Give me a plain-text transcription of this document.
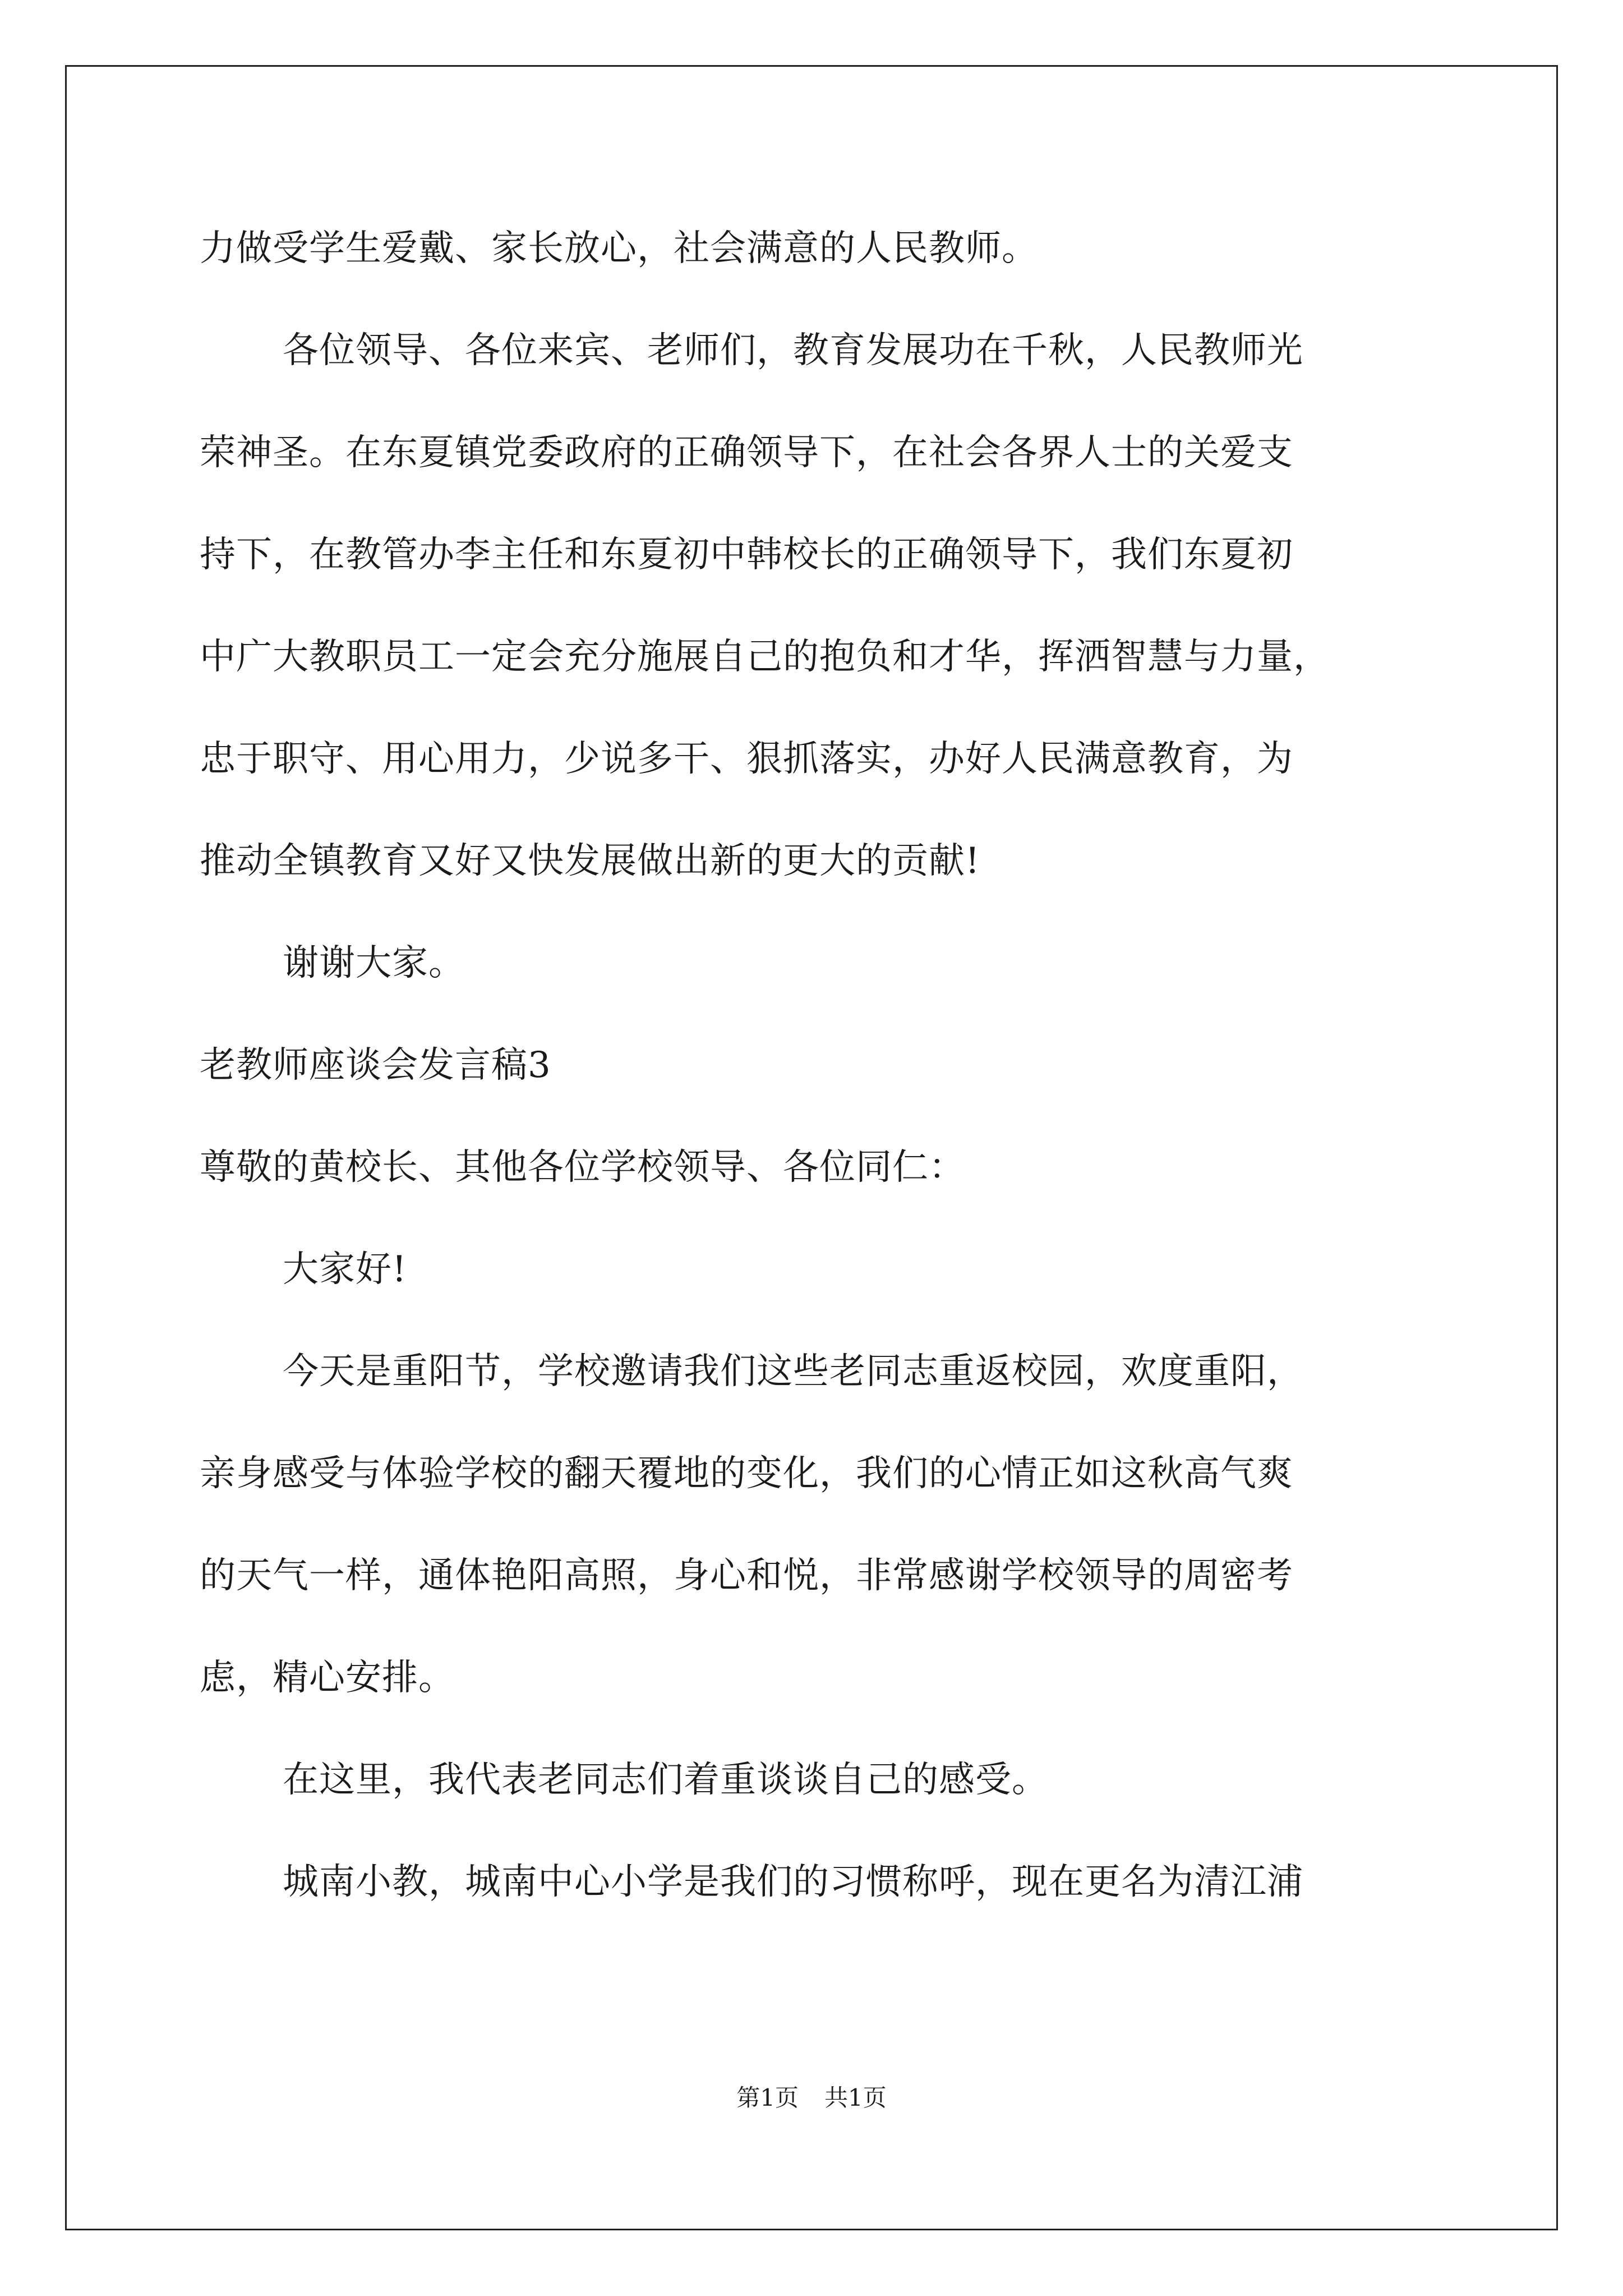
力做受学生爱戴、家长放心，社会满意的人民教师。
各位领导、各位来宾、老师们，教育发展功在千秋，人民教师光
荣神圣。在东夏镇党委政府的正确领导下，在社会各界人士的关爱支
持下，在教管办李主任和东夏初中韩校长的正确领导下，我们东夏初
中广大教职员工一定会充分施展自己的抱负和才华，挥洒智慧与力量，
忠于职守、用心用力，少说多干、狠抓落实，办好人民满意教育，为
推动全镇教育又好又快发展做出新的更大的贡献!
谢谢大家。
老教师座谈会发言稿3
尊敬的黄校长、其他各位学校领导、各位同仁：
大家好!
今天是重阳节，学校邀请我们这些老同志重返校园，欢度重阳，
亲身感受与体验学校的翻天覆地的变化，我们的心情正如这秋高气爽
的天气一样，通体艳阳高照，身心和悦，非常感谢学校领导的周密考
虑，精心安排。
在这里，我代表老同志们着重谈谈自己的感受。
城南小教，城南中心小学是我们的习惯称呼，现在更名为清江浦
第1页 共1页
